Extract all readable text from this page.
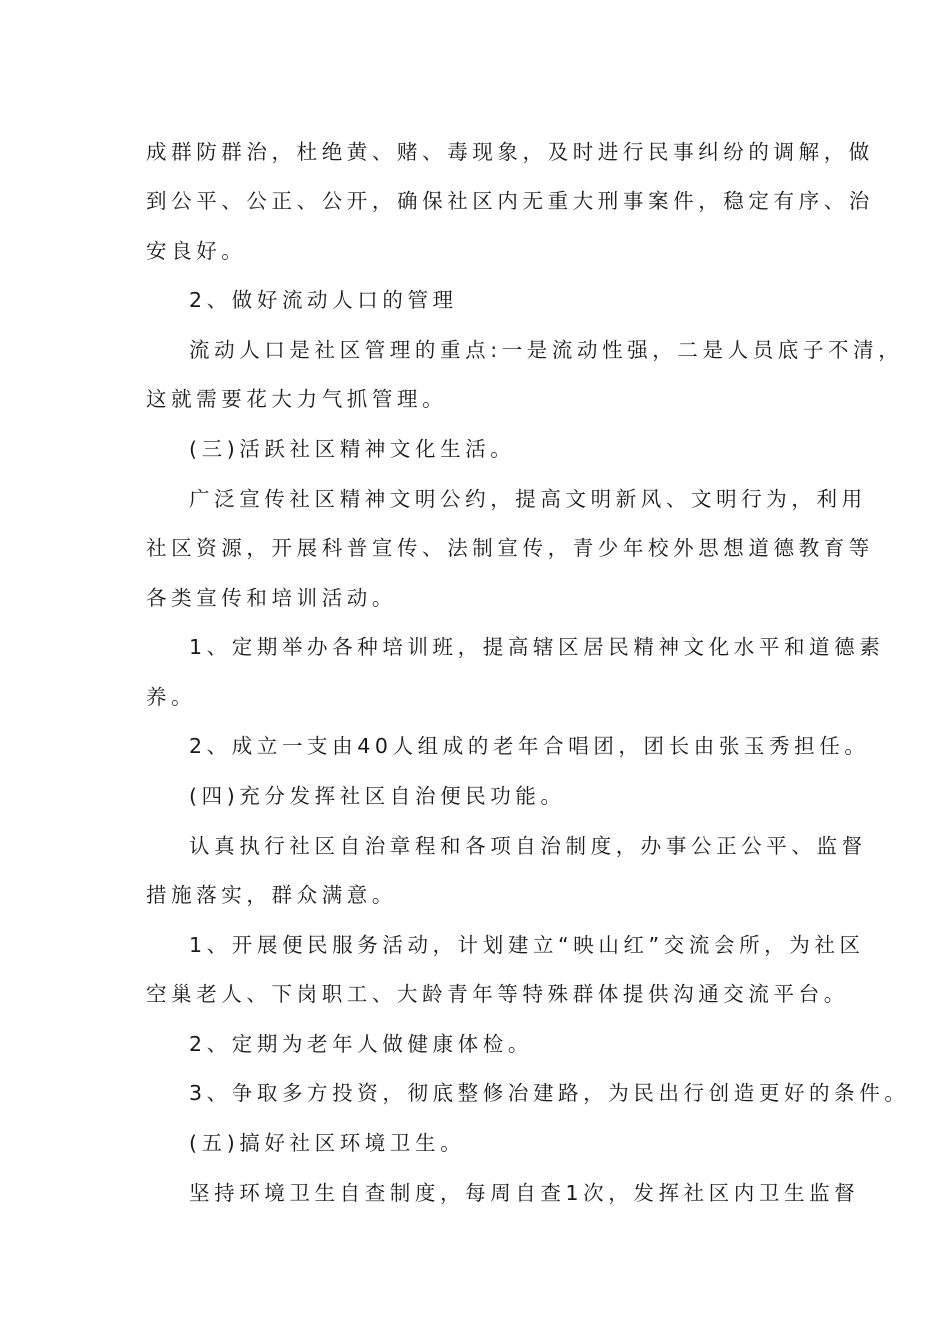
成群防群治，杜绝黄、赌、毒现象，及时进行民事纠纷的调解，做

到公平、公正、公开，确保社区内无重大刑事案件，稳定有序、治

安良好。

2、做好流动人口的管理

流动人口是社区管理的重点:一是流动性强，二是人员底子不清，

这就需要花大力气抓管理。

(三)活跃社区精神文化生活。

广泛宣传社区精神文明公约，提高文明新风、文明行为，利用

社区资源，开展科普宣传、法制宣传，青少年校外思想道德教育等

各类宣传和培训活动。

1、定期举办各种培训班，提高辖区居民精神文化水平和道德素

养。

2、成立一支由40人组成的老年合唱团，团长由张玉秀担任。

(四)充分发挥社区自治便民功能。

认真执行社区自治章程和各项自治制度，办事公正公平、监督

措施落实，群众满意。

1、开展便民服务活动，计划建立“映山红”交流会所，为社区

空巢老人、下岗职工、大龄青年等特殊群体提供沟通交流平台。

2、定期为老年人做健康体检。

3、争取多方投资，彻底整修冶建路，为民出行创造更好的条件。

(五)搞好社区环境卫生。

坚持环境卫生自查制度，每周自查1次，发挥社区内卫生监督
